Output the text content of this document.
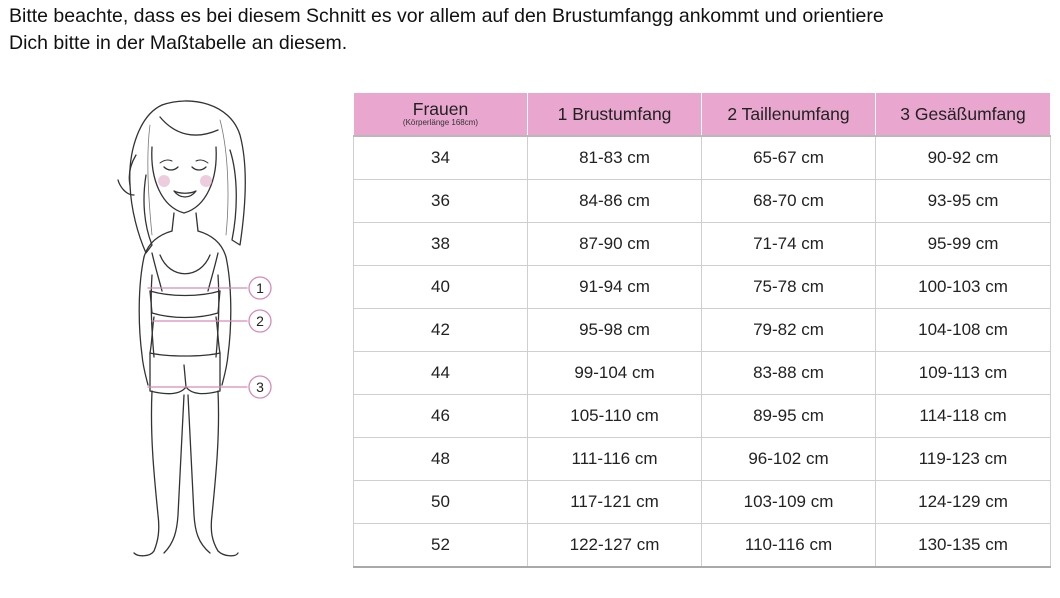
Bitte beachte, dass es bei diesem Schnitt es vor allem auf den Brustumfangg ankommt und orientiere
Dich bitte in der Maßtabelle an diesem.
1
2
3
Frauen
(Körperlänge 168cm)	1 Brustumfang	2 Taillenumfang	3 Gesäßumfang
34	81-83 cm	65-67 cm	90-92 cm
36	84-86 cm	68-70 cm	93-95 cm
38	87-90 cm	71-74 cm	95-99 cm
40	91-94 cm	75-78 cm	100-103 cm
42	95-98 cm	79-82 cm	104-108 cm
44	99-104 cm	83-88 cm	109-113 cm
46	105-110 cm	89-95 cm	114-118 cm
48	111-116 cm	96-102 cm	119-123 cm
50	117-121 cm	103-109 cm	124-129 cm
52	122-127 cm	110-116 cm	130-135 cm
